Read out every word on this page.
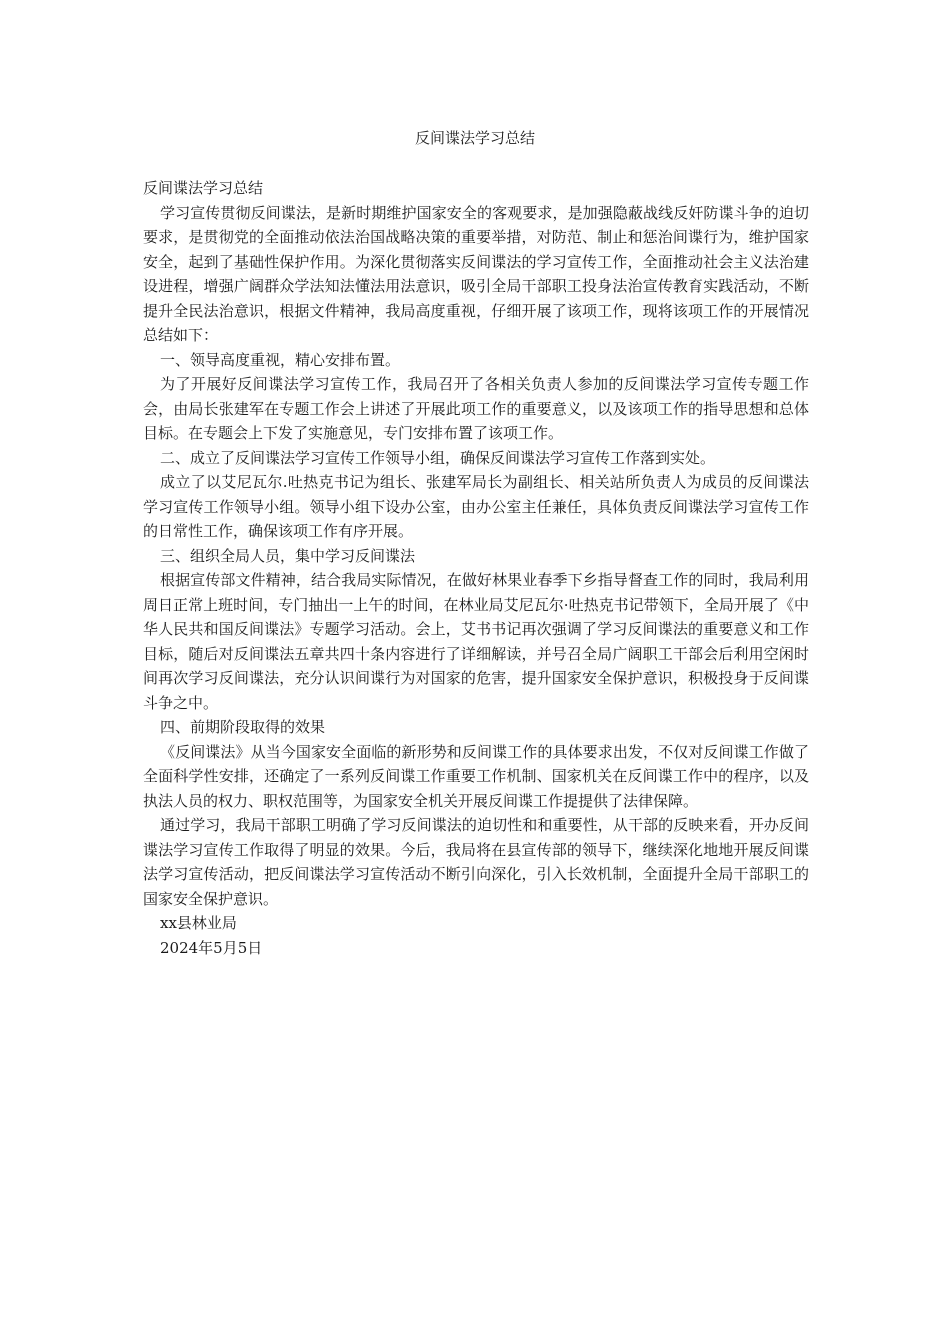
反间谍法学习总结

反间谍法学习总结

学习宣传贯彻反间谍法，是新时期维护国家安全的客观要求，是加强隐蔽战线反奸防谍斗争的迫切要求，是贯彻党的全面推动依法治国战略决策的重要举措，对防范、制止和惩治间谍行为，维护国家安全，起到了基础性保护作用。为深化贯彻落实反间谍法的学习宣传工作，全面推动社会主义法治建设进程，增强广阔群众学法知法懂法用法意识，吸引全局干部职工投身法治宣传教育实践活动，不断提升全民法治意识，根据文件精神，我局高度重视，仔细开展了该项工作，现将该项工作的开展情况总结如下：

一、领导高度重视，精心安排布置。

为了开展好反间谍法学习宣传工作，我局召开了各相关负责人参加的反间谍法学习宣传专题工作会，由局长张建军在专题工作会上讲述了开展此项工作的重要意义，以及该项工作的指导思想和总体目标。在专题会上下发了实施意见，专门安排布置了该项工作。

二、成立了反间谍法学习宣传工作领导小组，确保反间谍法学习宣传工作落到实处。

成立了以艾尼瓦尔.吐热克书记为组长、张建军局长为副组长、相关站所负责人为成员的反间谍法学习宣传工作领导小组。领导小组下设办公室，由办公室主任兼任，具体负责反间谍法学习宣传工作的日常性工作，确保该项工作有序开展。

三、组织全局人员，集中学习反间谍法

根据宣传部文件精神，结合我局实际情况，在做好林果业春季下乡指导督查工作的同时，我局利用周日正常上班时间，专门抽出一上午的时间，在林业局艾尼瓦尔·吐热克书记带领下，全局开展了《中华人民共和国反间谍法》专题学习活动。会上，艾书书记再次强调了学习反间谍法的重要意义和工作目标，随后对反间谍法五章共四十条内容进行了详细解读，并号召全局广阔职工干部会后利用空闲时间再次学习反间谍法，充分认识间谍行为对国家的危害，提升国家安全保护意识，积极投身于反间谍斗争之中。

四、前期阶段取得的效果

《反间谍法》从当今国家安全面临的新形势和反间谍工作的具体要求出发，不仅对反间谍工作做了全面科学性安排，还确定了一系列反间谍工作重要工作机制、国家机关在反间谍工作中的程序，以及执法人员的权力、职权范围等，为国家安全机关开展反间谍工作提提供了法律保障。

通过学习，我局干部职工明确了学习反间谍法的迫切性和和重要性，从干部的反映来看，开办反间谍法学习宣传工作取得了明显的效果。今后，我局将在县宣传部的领导下，继续深化地地开展反间谍法学习宣传活动，把反间谍法学习宣传活动不断引向深化，引入长效机制，全面提升全局干部职工的国家安全保护意识。

xx县林业局

2024年5月5日
